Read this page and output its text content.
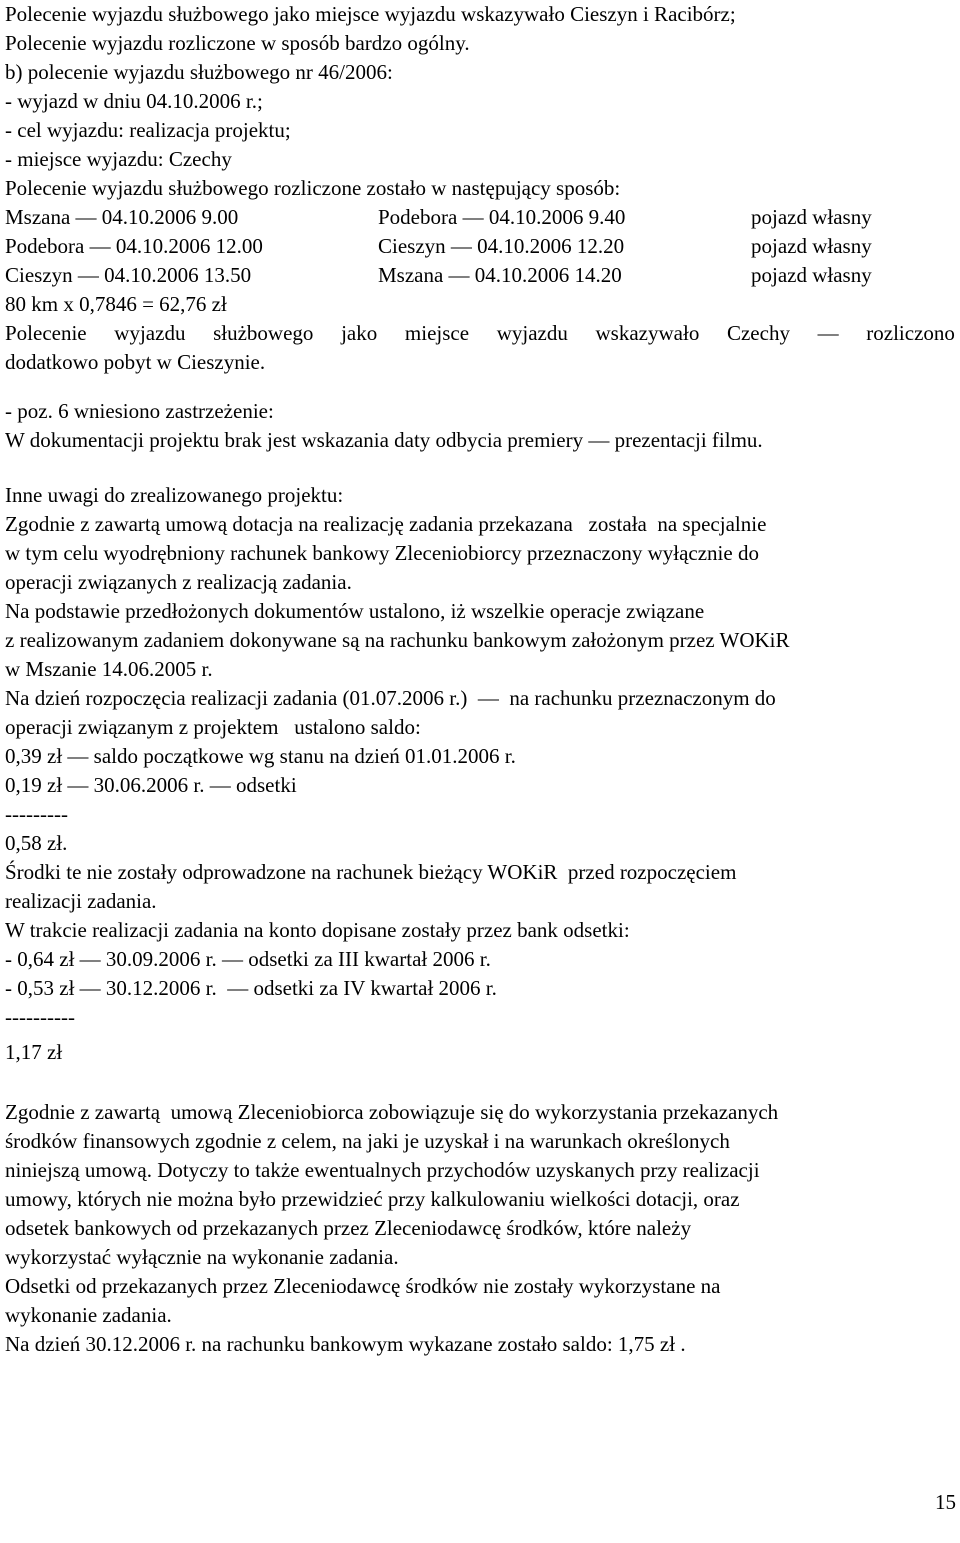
Polecenie wyjazdu służbowego jako miejsce wyjazdu wskazywało Cieszyn i Racibórz;
Polecenie wyjazdu rozliczone w sposób bardzo ogólny.
b) polecenie wyjazdu służbowego nr 46/2006:
- wyjazd w dniu 04.10.2006 r.;
- cel wyjazdu: realizacja projektu;
- miejsce wyjazdu: Czechy
Polecenie wyjazdu służbowego rozliczone zostało w następujący sposób:
Mszana — 04.10.2006 9.00	Podebora — 04.10.2006 9.40	pojazd własny
Podebora — 04.10.2006 12.00	Cieszyn — 04.10.2006 12.20	pojazd własny
Cieszyn — 04.10.2006 13.50	Mszana — 04.10.2006 14.20	pojazd własny
80 km x 0,7846 = 62,76 zł
Polecenie wyjazdu służbowego jako miejsce wyjazdu wskazywało Czechy — rozliczono
dodatkowo pobyt w Cieszynie.
- poz. 6 wniesiono zastrzeżenie:
W dokumentacji projektu brak jest wskazania daty odbycia premiery — prezentacji filmu.
Inne uwagi do zrealizowanego projektu:
Zgodnie z zawartą umową dotacja na realizację zadania przekazana   została  na specjalnie
w tym celu wyodrębniony rachunek bankowy Zleceniobiorcy przeznaczony wyłącznie do
operacji związanych z realizacją zadania.
Na podstawie przedłożonych dokumentów ustalono, iż wszelkie operacje związane
z realizowanym zadaniem dokonywane są na rachunku bankowym założonym przez WOKiR
w Mszanie 14.06.2005 r.
Na dzień rozpoczęcia realizacji zadania (01.07.2006 r.)  —  na rachunku przeznaczonym do
operacji związanym z projektem   ustalono saldo:
0,39 zł — saldo początkowe wg stanu na dzień 01.01.2006 r.
0,19 zł — 30.06.2006 r. — odsetki
---------
0,58 zł.
Środki te nie zostały odprowadzone na rachunek bieżący WOKiR  przed rozpoczęciem
realizacji zadania.
W trakcie realizacji zadania na konto dopisane zostały przez bank odsetki:
- 0,64 zł — 30.09.2006 r. — odsetki za III kwartał 2006 r.
- 0,53 zł — 30.12.2006 r.  — odsetki za IV kwartał 2006 r.
----------
1,17 zł
Zgodnie z zawartą  umową Zleceniobiorca zobowiązuje się do wykorzystania przekazanych
środków finansowych zgodnie z celem, na jaki je uzyskał i na warunkach określonych
niniejszą umową. Dotyczy to także ewentualnych przychodów uzyskanych przy realizacji
umowy, których nie można było przewidzieć przy kalkulowaniu wielkości dotacji, oraz
odsetek bankowych od przekazanych przez Zleceniodawcę środków, które należy
wykorzystać wyłącznie na wykonanie zadania.
Odsetki od przekazanych przez Zleceniodawcę środków nie zostały wykorzystane na
wykonanie zadania.
Na dzień 30.12.2006 r. na rachunku bankowym wykazane zostało saldo: 1,75 zł .
15
